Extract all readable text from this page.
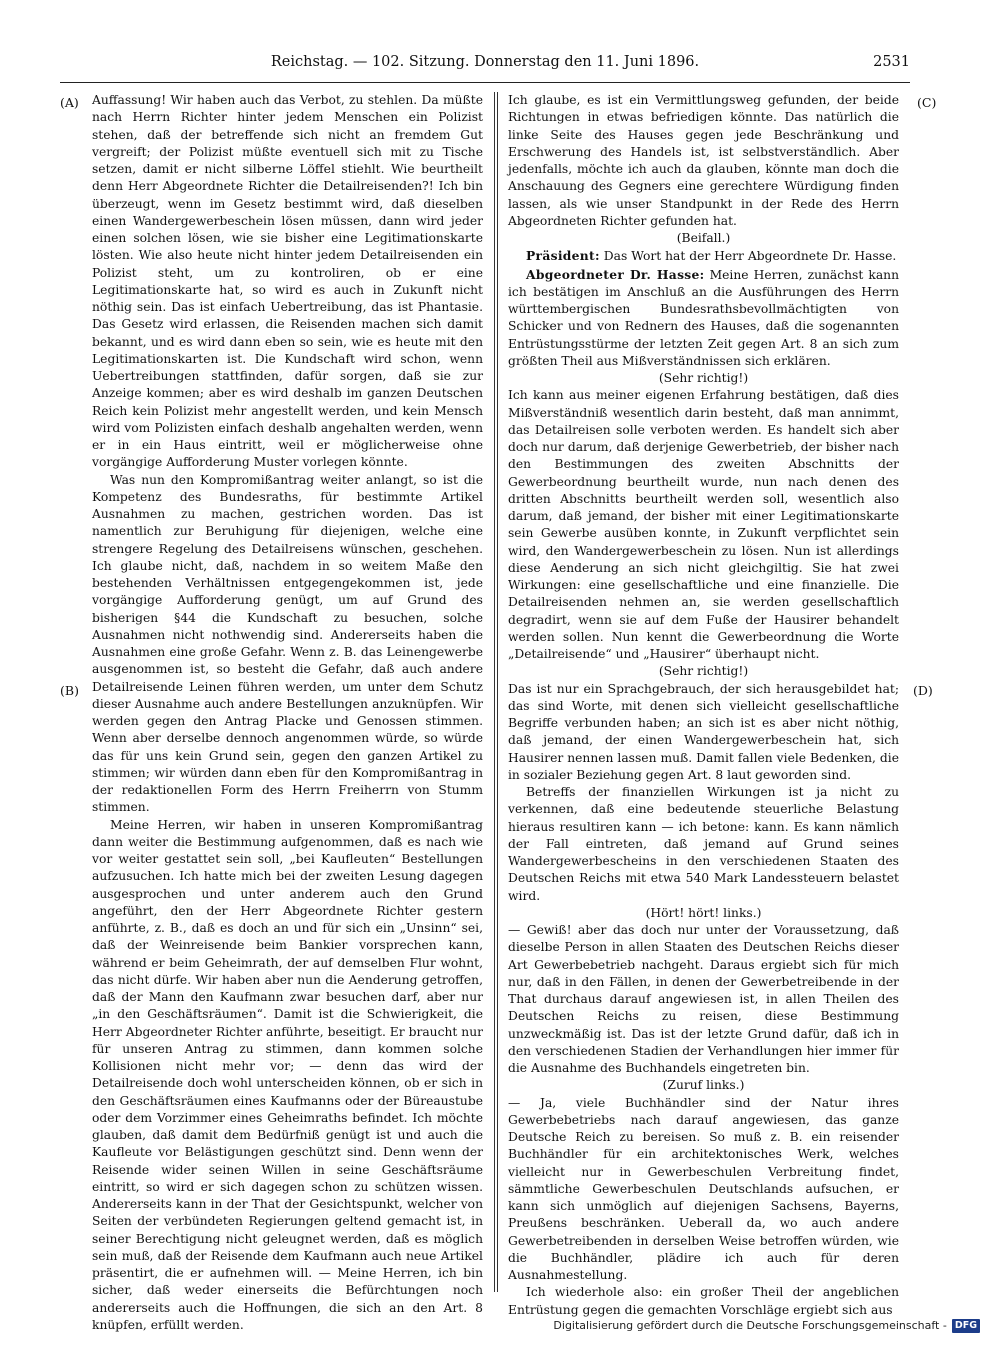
Reichstag. — 102. Sitzung. Donnerstag den 11. Juni 1896.	2531
(A)
(B)
(C)
(D)

Auffassung! Wir haben auch das Verbot, zu stehlen. Da müßte nach Herrn Richter hinter jedem Menschen ein Polizist stehen, daß der betreffende sich nicht an fremdem Gut vergreift; der Polizist müßte eventuell sich mit zu Tische setzen, damit er nicht silberne Löffel stiehlt. Wie beurtheilt denn Herr Abgeordnete Richter die Detailreisenden?! Ich bin überzeugt, wenn im Gesetz bestimmt wird, daß dieselben einen Wandergewerbeschein lösen müssen, dann wird jeder einen solchen lösen, wie sie bisher eine Legitimationskarte lösten. Wie also heute nicht hinter jedem Detailreisenden ein Polizist steht, um zu kontroliren, ob er eine Legitimationskarte hat, so wird es auch in Zukunft nicht nöthig sein. Das ist einfach Uebertreibung, das ist Phantasie. Das Gesetz wird erlassen, die Reisenden machen sich damit bekannt, und es wird dann eben so sein, wie es heute mit den Legitimationskarten ist. Die Kundschaft wird schon, wenn Uebertreibungen stattfinden, dafür sorgen, daß sie zur Anzeige kommen; aber es wird deshalb im ganzen Deutschen Reich kein Polizist mehr angestellt werden, und kein Mensch wird vom Polizisten einfach deshalb angehalten werden, wenn er in ein Haus eintritt, weil er möglicherweise ohne vorgängige Aufforderung Muster vorlegen könnte.

Was nun den Kompromißantrag weiter anlangt, so ist die Kompetenz des Bundesraths, für bestimmte Artikel Ausnahmen zu machen, gestrichen worden. Das ist namentlich zur Beruhigung für diejenigen, welche eine strengere Regelung des Detailreisens wünschen, geschehen. Ich glaube nicht, daß, nachdem in so weitem Maße den bestehenden Verhältnissen entgegengekommen ist, jede vorgängige Aufforderung genügt, um auf Grund des bisherigen §44 die Kundschaft zu besuchen, solche Ausnahmen nicht nothwendig sind. Andererseits haben die Ausnahmen eine große Gefahr. Wenn z. B. das Leinengewerbe ausgenommen ist, so besteht die Gefahr, daß auch andere Detailreisende Leinen führen werden, um unter dem Schutz dieser Ausnahme auch andere Bestellungen anzuknüpfen. Wir werden gegen den Antrag Placke und Genossen stimmen. Wenn aber derselbe dennoch angenommen würde, so würde das für uns kein Grund sein, gegen den ganzen Artikel zu stimmen; wir würden dann eben für den Kompromißantrag in der redaktionellen Form des Herrn Freiherrn von Stumm stimmen.

Meine Herren, wir haben in unseren Kompromißantrag dann weiter die Bestimmung aufgenommen, daß es nach wie vor weiter gestattet sein soll, „bei Kaufleuten“ Bestellungen aufzusuchen. Ich hatte mich bei der zweiten Lesung dagegen ausgesprochen und unter anderem auch den Grund angeführt, den der Herr Abgeordnete Richter gestern anführte, z. B., daß es doch an und für sich ein „Unsinn“ sei, daß der Weinreisende beim Bankier vorsprechen kann, während er beim Geheimrath, der auf demselben Flur wohnt, das nicht dürfe. Wir haben aber nun die Aenderung getroffen, daß der Mann den Kaufmann zwar besuchen darf, aber nur „in den Geschäftsräumen“. Damit ist die Schwierigkeit, die Herr Abgeordneter Richter anführte, beseitigt. Er braucht nur für unseren Antrag zu stimmen, dann kommen solche Kollisionen nicht mehr vor; — denn das wird der Detailreisende doch wohl unterscheiden können, ob er sich in den Geschäftsräumen eines Kaufmanns oder der Büreaustube oder dem Vorzimmer eines Geheimraths befindet. Ich möchte glauben, daß damit dem Bedürfniß genügt ist und auch die Kaufleute vor Belästigungen geschützt sind. Denn wenn der Reisende wider seinen Willen in seine Geschäftsräume eintritt, so wird er sich dagegen schon zu schützen wissen. Andererseits kann in der That der Gesichtspunkt, welcher von Seiten der verbündeten Regierungen geltend gemacht ist, in seiner Berechtigung nicht geleugnet werden, daß es möglich sein muß, daß der Reisende dem Kaufmann auch neue Artikel präsentirt, die er aufnehmen will. — Meine Herren, ich bin sicher, daß weder einerseits die Befürchtungen noch andererseits auch die Hoffnungen, die sich an den Art. 8 knüpfen, erfüllt werden.

Ich glaube, es ist ein Vermittlungsweg gefunden, der beide Richtungen in etwas befriedigen könnte. Das natürlich die linke Seite des Hauses gegen jede Beschränkung und Erschwerung des Handels ist, ist selbstverständlich. Aber jedenfalls, möchte ich auch da glauben, könnte man doch die Anschauung des Gegners eine gerechtere Würdigung finden lassen, als wie unser Standpunkt in der Rede des Herrn Abgeordneten Richter gefunden hat.

(Beifall.)

Präsident: Das Wort hat der Herr Abgeordnete Dr. Hasse.

Abgeordneter Dr. Hasse: Meine Herren, zunächst kann ich bestätigen im Anschluß an die Ausführungen des Herrn württembergischen Bundesrathsbevollmächtigten von Schicker und von Rednern des Hauses, daß die sogenannten Entrüstungsstürme der letzten Zeit gegen Art. 8 an sich zum größten Theil aus Mißverständnissen sich erklären.

(Sehr richtig!)

Ich kann aus meiner eigenen Erfahrung bestätigen, daß dies Mißverständniß wesentlich darin besteht, daß man annimmt, das Detailreisen solle verboten werden. Es handelt sich aber doch nur darum, daß derjenige Gewerbetrieb, der bisher nach den Bestimmungen des zweiten Abschnitts der Gewerbeordnung beurtheilt wurde, nun nach denen des dritten Abschnitts beurtheilt werden soll, wesentlich also darum, daß jemand, der bisher mit einer Legitimationskarte sein Gewerbe ausüben konnte, in Zukunft verpflichtet sein wird, den Wandergewerbeschein zu lösen. Nun ist allerdings diese Aenderung an sich nicht gleichgiltig. Sie hat zwei Wirkungen: eine gesellschaftliche und eine finanzielle. Die Detailreisenden nehmen an, sie werden gesellschaftlich degradirt, wenn sie auf dem Fuße der Hausirer behandelt werden sollen. Nun kennt die Gewerbeordnung die Worte „Detailreisende“ und „Hausirer“ überhaupt nicht.

(Sehr richtig!)

Das ist nur ein Sprachgebrauch, der sich herausgebildet hat; das sind Worte, mit denen sich vielleicht gesellschaftliche Begriffe verbunden haben; an sich ist es aber nicht nöthig, daß jemand, der einen Wandergewerbeschein hat, sich Hausirer nennen lassen muß. Damit fallen viele Bedenken, die in sozialer Beziehung gegen Art. 8 laut geworden sind.

Betreffs der finanziellen Wirkungen ist ja nicht zu verkennen, daß eine bedeutende steuerliche Belastung hieraus resultiren kann — ich betone: kann. Es kann nämlich der Fall eintreten, daß jemand auf Grund seines Wandergewerbescheins in den verschiedenen Staaten des Deutschen Reichs mit etwa 540 Mark Landessteuern belastet wird.

(Hört! hört! links.)

— Gewiß! aber das doch nur unter der Voraussetzung, daß dieselbe Person in allen Staaten des Deutschen Reichs dieser Art Gewerbebetrieb nachgeht. Daraus ergiebt sich für mich nur, daß in den Fällen, in denen der Gewerbetreibende in der That durchaus darauf angewiesen ist, in allen Theilen des Deutschen Reichs zu reisen, diese Bestimmung unzweckmäßig ist. Das ist der letzte Grund dafür, daß ich in den verschiedenen Stadien der Verhandlungen hier immer für die Ausnahme des Buchhandels eingetreten bin.

(Zuruf links.)

— Ja, viele Buchhändler sind der Natur ihres Gewerbebetriebs nach darauf angewiesen, das ganze Deutsche Reich zu bereisen. So muß z. B. ein reisender Buchhändler für ein architektonisches Werk, welches vielleicht nur in Gewerbeschulen Verbreitung findet, sämmtliche Gewerbeschulen Deutschlands aufsuchen, er kann sich unmöglich auf diejenigen Sachsens, Bayerns, Preußens beschränken. Ueberall da, wo auch andere Gewerbetreibenden in derselben Weise betroffen würden, wie die Buchhändler, plädire ich auch für deren Ausnahmestellung.

Ich wiederhole also: ein großer Theil der angeblichen Entrüstung gegen die gemachten Vorschläge ergiebt sich aus

Digitalisierung gefördert durch die Deutsche Forschungsgemeinschaft - DFG
